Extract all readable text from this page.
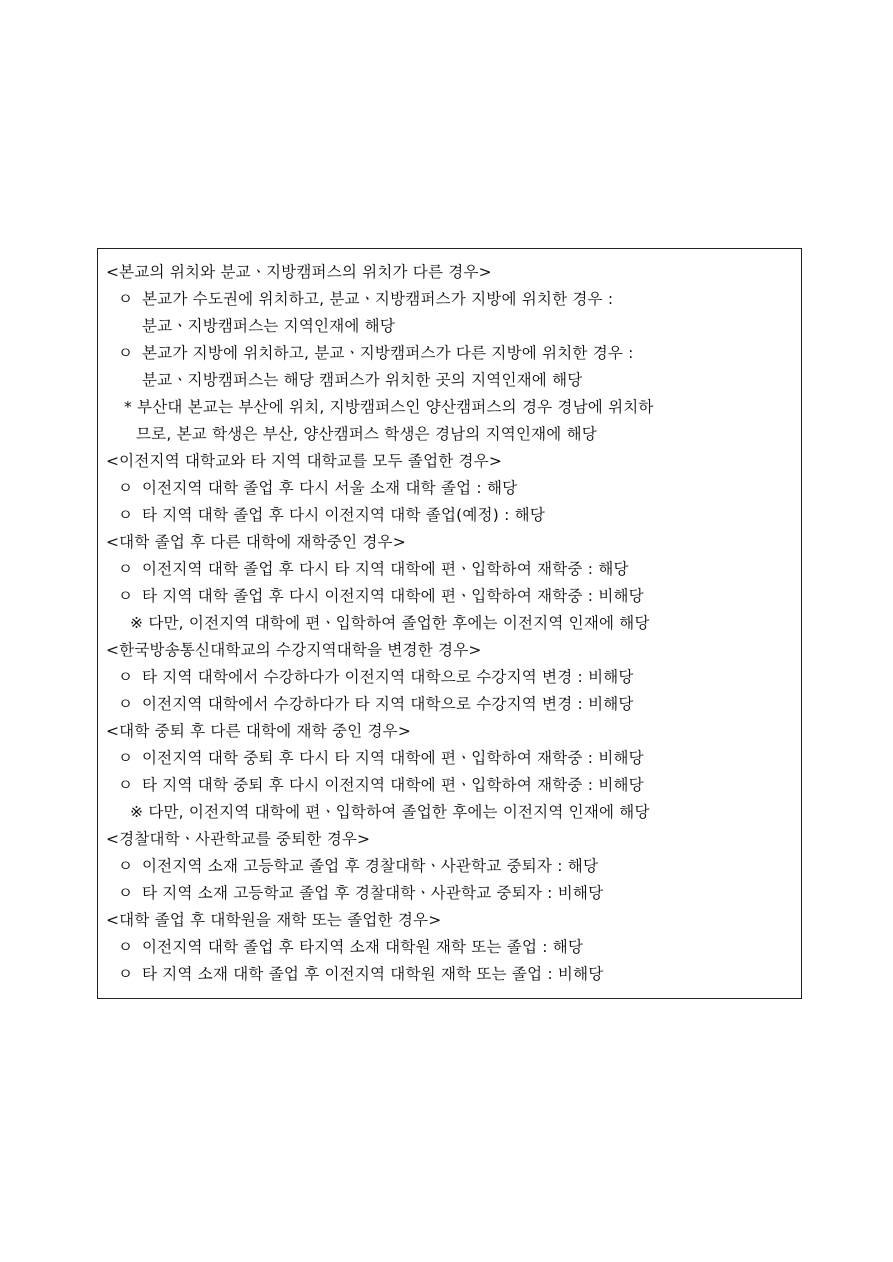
<본교의 위치와 분교ㆍ지방캠퍼스의 위치가 다른 경우>
ㅇ 본교가 수도권에 위치하고, 분교ㆍ지방캠퍼스가 지방에 위치한 경우 :
분교ㆍ지방캠퍼스는 지역인재에 해당
ㅇ 본교가 지방에 위치하고, 분교ㆍ지방캠퍼스가 다른 지방에 위치한 경우 :
분교ㆍ지방캠퍼스는 해당 캠퍼스가 위치한 곳의 지역인재에 해당
* 부산대 본교는 부산에 위치, 지방캠퍼스인 양산캠퍼스의 경우 경남에 위치하
므로, 본교 학생은 부산, 양산캠퍼스 학생은 경남의 지역인재에 해당
<이전지역 대학교와 타 지역 대학교를 모두 졸업한 경우>
ㅇ 이전지역 대학 졸업 후 다시 서울 소재 대학 졸업 : 해당
ㅇ 타 지역 대학 졸업 후 다시 이전지역 대학 졸업(예정) : 해당
<대학 졸업 후 다른 대학에 재학중인 경우>
ㅇ 이전지역 대학 졸업 후 다시 타 지역 대학에 편ㆍ입학하여 재학중 : 해당
ㅇ 타 지역 대학 졸업 후 다시 이전지역 대학에 편ㆍ입학하여 재학중 : 비해당
※ 다만, 이전지역 대학에 편ㆍ입학하여 졸업한 후에는 이전지역 인재에 해당
<한국방송통신대학교의 수강지역대학을 변경한 경우>
ㅇ 타 지역 대학에서 수강하다가 이전지역 대학으로 수강지역 변경 : 비해당
ㅇ 이전지역 대학에서 수강하다가 타 지역 대학으로 수강지역 변경 : 비해당
<대학 중퇴 후 다른 대학에 재학 중인 경우>
ㅇ 이전지역 대학 중퇴 후 다시 타 지역 대학에 편ㆍ입학하여 재학중 : 비해당
ㅇ 타 지역 대학 중퇴 후 다시 이전지역 대학에 편ㆍ입학하여 재학중 : 비해당
※ 다만, 이전지역 대학에 편ㆍ입학하여 졸업한 후에는 이전지역 인재에 해당
<경찰대학ㆍ사관학교를 중퇴한 경우>
ㅇ 이전지역 소재 고등학교 졸업 후 경찰대학ㆍ사관학교 중퇴자 : 해당
ㅇ 타 지역 소재 고등학교 졸업 후 경찰대학ㆍ사관학교 중퇴자 : 비해당
<대학 졸업 후 대학원을 재학 또는 졸업한 경우>
ㅇ 이전지역 대학 졸업 후 타지역 소재 대학원 재학 또는 졸업 : 해당
ㅇ 타 지역 소재 대학 졸업 후 이전지역 대학원 재학 또는 졸업 : 비해당
